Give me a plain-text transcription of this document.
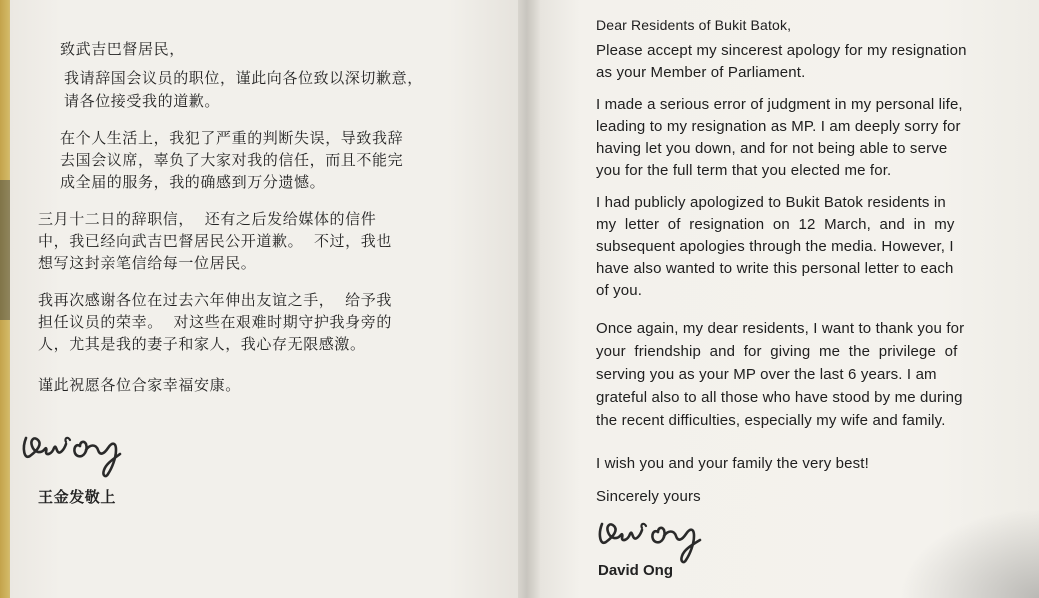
致武吉巴督居民，
我请辞国会议员的职位，谨此向各位致以深切歉意，
请各位接受我的道歉。
在个人生活上，我犯了严重的判断失误，导致我辞
去国会议席，辜负了大家对我的信任，而且不能完
成全届的服务，我的确感到万分遗憾。
三月十二日的辞职信，  还有之后发给媒体的信件
中，我已经向武吉巴督居民公开道歉。  不过，我也
想写这封亲笔信给每一位居民。
我再次感谢各位在过去六年伸出友谊之手，  给予我
担任议员的荣幸。  对这些在艰难时期守护我身旁的
人，尤其是我的妻子和家人，我心存无限感激。
谨此祝愿各位合家幸福安康。
王金发敬上
Dear Residents of Bukit Batok,
Please accept my sincerest apology for my resignation
as your Member of Parliament.
I made a serious error of judgment in my personal life,
leading to my resignation as MP. I am deeply sorry for
having let you down, and for not being able to serve
you for the full term that you elected me for.
I had publicly apologized to Bukit Batok residents in
my  letter  of  resignation  on  12  March,  and  in  my
subsequent apologies through the media. However, I
have also wanted to write this personal letter to each
of you.
Once again, my dear residents, I want to thank you for
your  friendship  and  for  giving  me  the  privilege  of
serving you as your MP over the last 6 years. I am
grateful also to all those who have stood by me during
the recent difficulties, especially my wife and family.
I wish you and your family the very best!
Sincerely yours
David Ong
